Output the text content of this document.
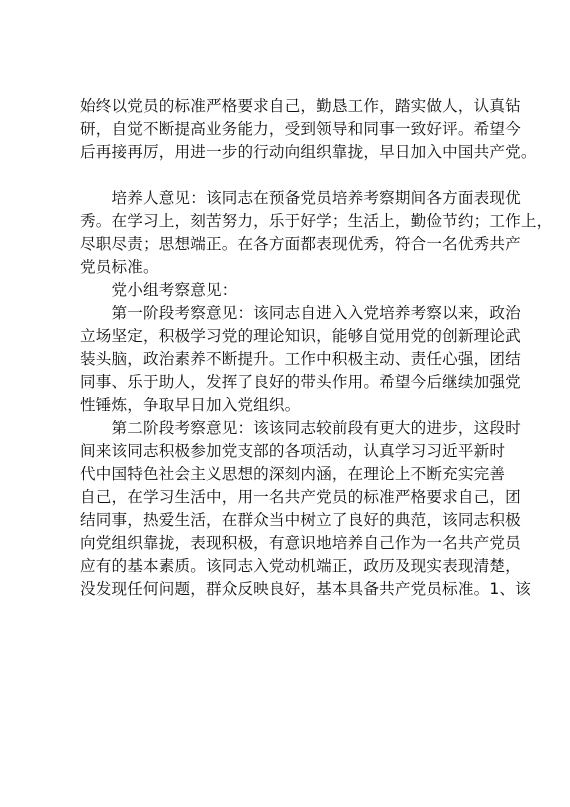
始终以党员的标准严格要求自己，勤恳工作，踏实做人，认真钻
研，自觉不断提高业务能力，受到领导和同事一致好评。希望今
后再接再厉，用进一步的行动向组织靠拢，早日加入中国共产党。
　　培养人意见：该同志在预备党员培养考察期间各方面表现优
秀。在学习上，刻苦努力，乐于好学；生活上，勤俭节约；工作上，
尽职尽责；思想端正。在各方面都表现优秀，符合一名优秀共产
党员标准。
　　党小组考察意见：
　　第一阶段考察意见：该同志自进入入党培养考察以来，政治
立场坚定，积极学习党的理论知识，能够自觉用党的创新理论武
装头脑，政治素养不断提升。工作中积极主动、责任心强，团结
同事、乐于助人，发挥了良好的带头作用。希望今后继续加强党
性锤炼，争取早日加入党组织。
　　第二阶段考察意见：该该同志较前段有更大的进步，这段时
间来该同志积极参加党支部的各项活动，认真学习习近平新时
代中国特色社会主义思想的深刻内涵，在理论上不断充实完善
自己，在学习生活中，用一名共产党员的标准严格要求自己，团
结同事，热爱生活，在群众当中树立了良好的典范，该同志积极
向党组织靠拢，表现积极，有意识地培养自己作为一名共产党员
应有的基本素质。该同志入党动机端正，政历及现实表现清楚，
没发现任何问题，群众反映良好，基本具备共产党员标准。1、该
